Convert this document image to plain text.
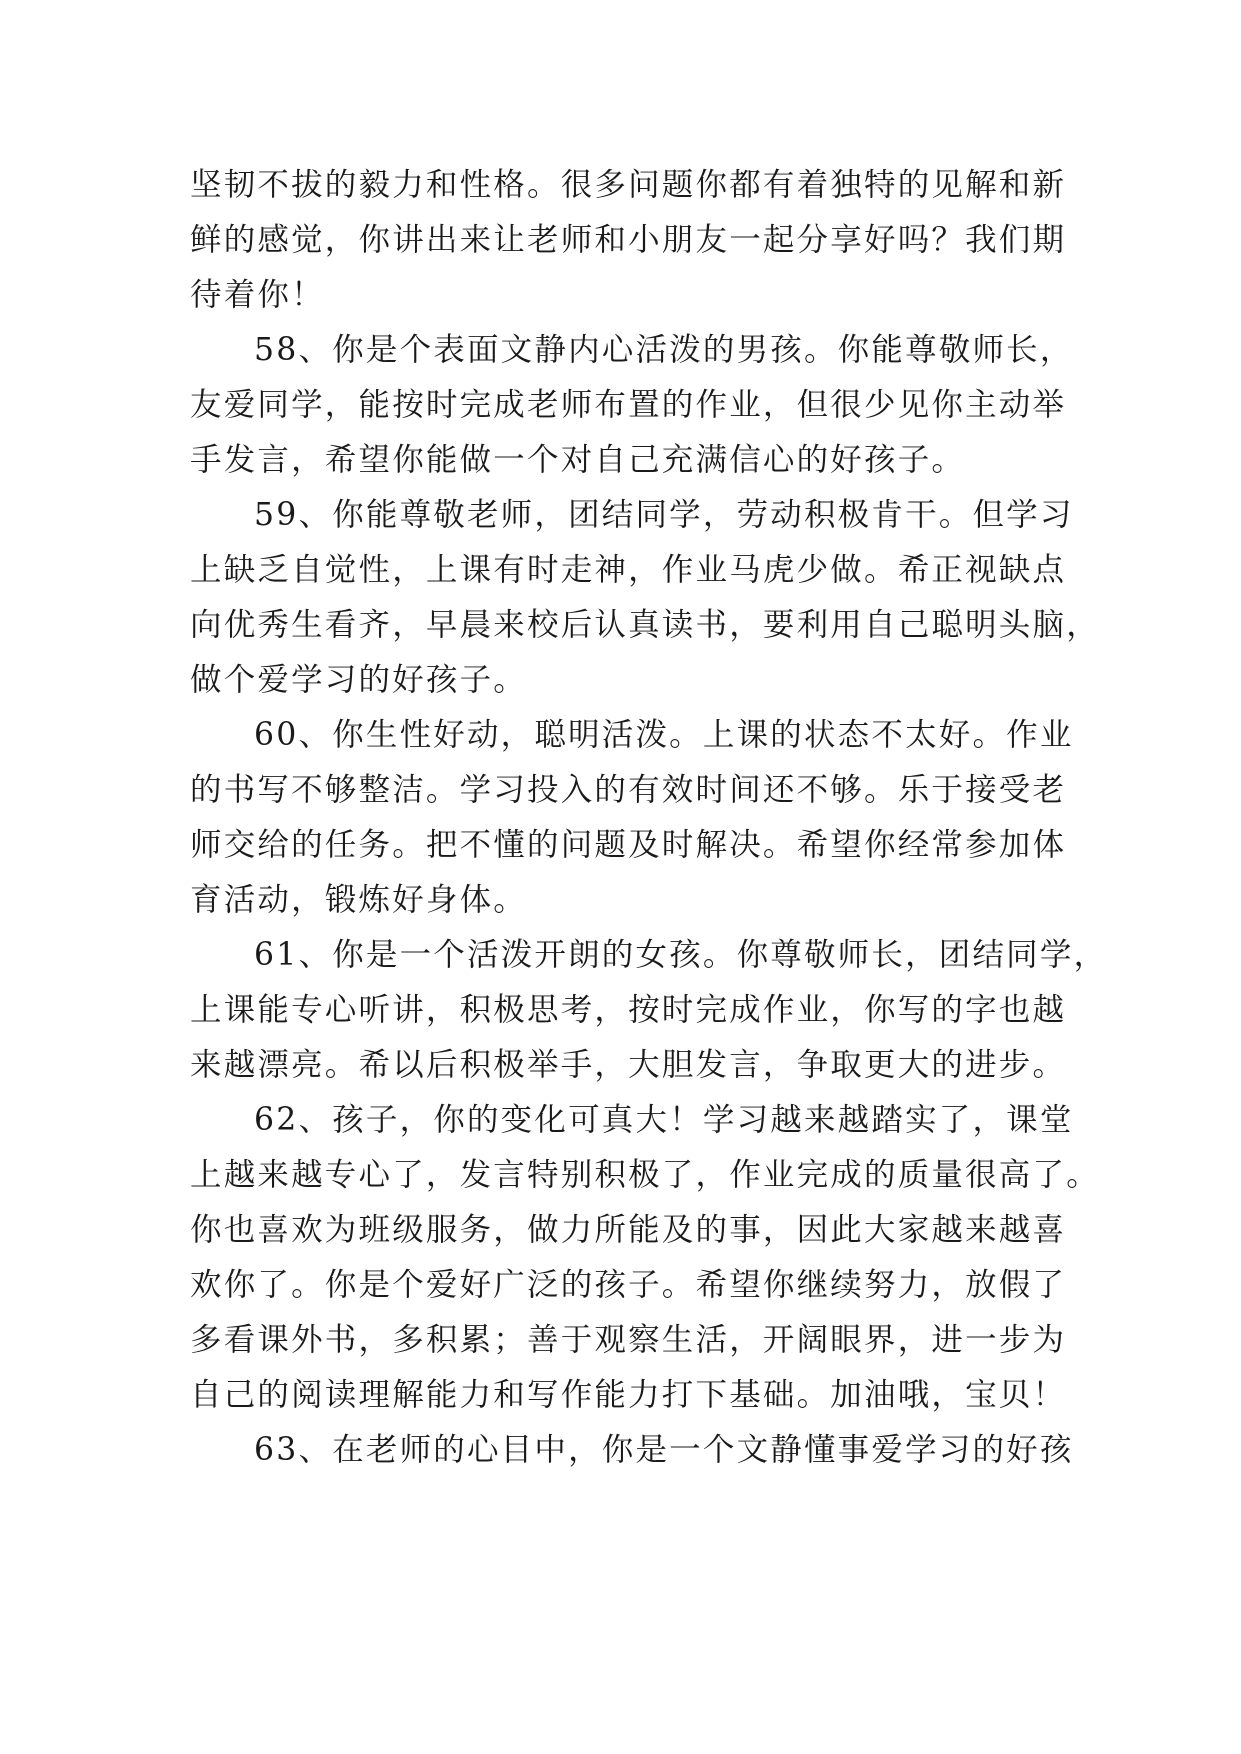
坚韧不拔的毅力和性格。很多问题你都有着独特的见解和新
鲜的感觉，你讲出来让老师和小朋友一起分享好吗？我们期
待着你！
58、你是个表面文静内心活泼的男孩。你能尊敬师长，
友爱同学，能按时完成老师布置的作业，但很少见你主动举
手发言，希望你能做一个对自己充满信心的好孩子。
59、你能尊敬老师，团结同学，劳动积极肯干。但学习
上缺乏自觉性，上课有时走神，作业马虎少做。希正视缺点
向优秀生看齐，早晨来校后认真读书，要利用自己聪明头脑，
做个爱学习的好孩子。
60、你生性好动，聪明活泼。上课的状态不太好。作业
的书写不够整洁。学习投入的有效时间还不够。乐于接受老
师交给的任务。把不懂的问题及时解决。希望你经常参加体
育活动，锻炼好身体。
61、你是一个活泼开朗的女孩。你尊敬师长，团结同学，
上课能专心听讲，积极思考，按时完成作业，你写的字也越
来越漂亮。希以后积极举手，大胆发言，争取更大的进步。
62、孩子，你的变化可真大！学习越来越踏实了，课堂
上越来越专心了，发言特别积极了，作业完成的质量很高了。
你也喜欢为班级服务，做力所能及的事，因此大家越来越喜
欢你了。你是个爱好广泛的孩子。希望你继续努力，放假了
多看课外书，多积累；善于观察生活，开阔眼界，进一步为
自己的阅读理解能力和写作能力打下基础。加油哦，宝贝！
63、在老师的心目中，你是一个文静懂事爱学习的好孩
